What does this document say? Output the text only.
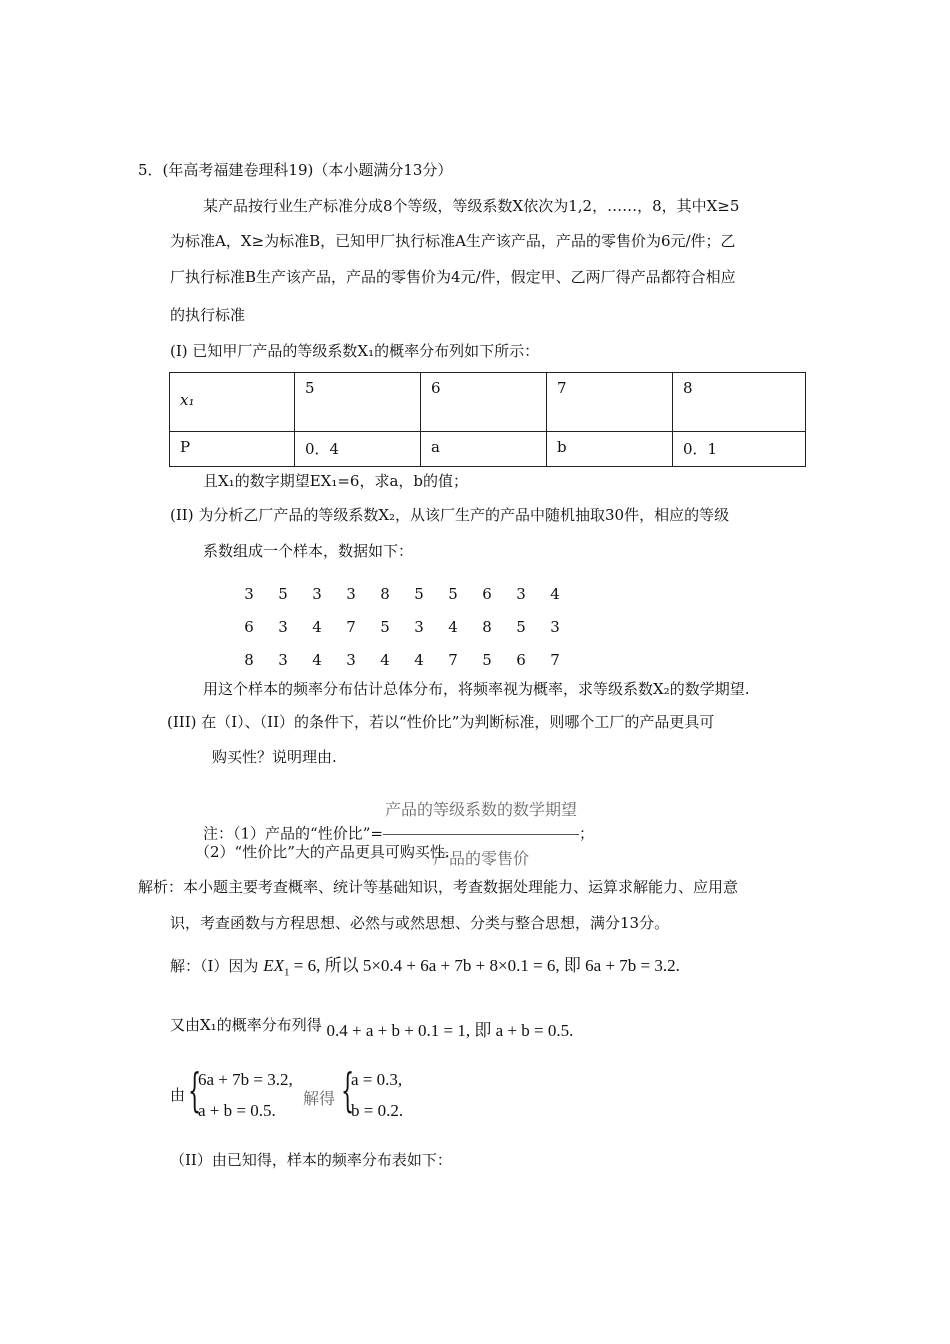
5．(年高考福建卷理科19)（本小题满分13分）
某产品按行业生产标准分成8个等级，等级系数X依次为1,2，……，8，其中X≥5
为标准A，X≥为标准B，已知甲厂执行标准A生产该产品，产品的零售价为6元/件；乙
厂执行标准B生产该产品，产品的零售价为4元/件，假定甲、乙两厂得产品都符合相应
的执行标准
(I) 已知甲厂产品的等级系数X₁的概率分布列如下所示：
x₁	5	6	7	8
P	0．4	a	b	0．1
且X₁的数字期望EX₁=6，求a，b的值；
(II) 为分析乙厂产品的等级系数X₂，从该厂生产的产品中随机抽取30件，相应的等级
系数组成一个样本，数据如下：
3	5	3	3	8	5	5	6	3	4
6	3	4	7	5	3	4	8	5	3
8	3	4	3	4	4	7	5	6	7
用这个样本的频率分布估计总体分布，将频率视为概率，求等级系数X₂的数学期望.
(III) 在（I）、（II）的条件下，若以“性价比”为判断标准，则哪个工厂的产品更具可
购买性？说明理由.
注：（1）产品的“性价比”= $\frac{\text{产品的等级系数的数学期望}}{\text{产品的零售价}}$ ；
（2）“性价比”大的产品更具可购买性.
解析：本小题主要考查概率、统计等基础知识，考查数据处理能力、运算求解能力、应用意
识，考查函数与方程思想、必然与或然思想、分类与整合思想，满分13分。
解：（I）因为 $EX_1 = 6$, 所以 5×0.4 + 6a + 7b + 8×0.1 = 6, 即 6a + 7b = 3.2.
又由X₁的概率分布列得 0.4 + a + b + 0.1 = 1, 即 a + b = 0.5.
由 {
6a + 7b = 3.2,
a + b = 0.5.
解得 {
a = 0.3,
b = 0.2.
（II）由已知得，样本的频率分布表如下：
